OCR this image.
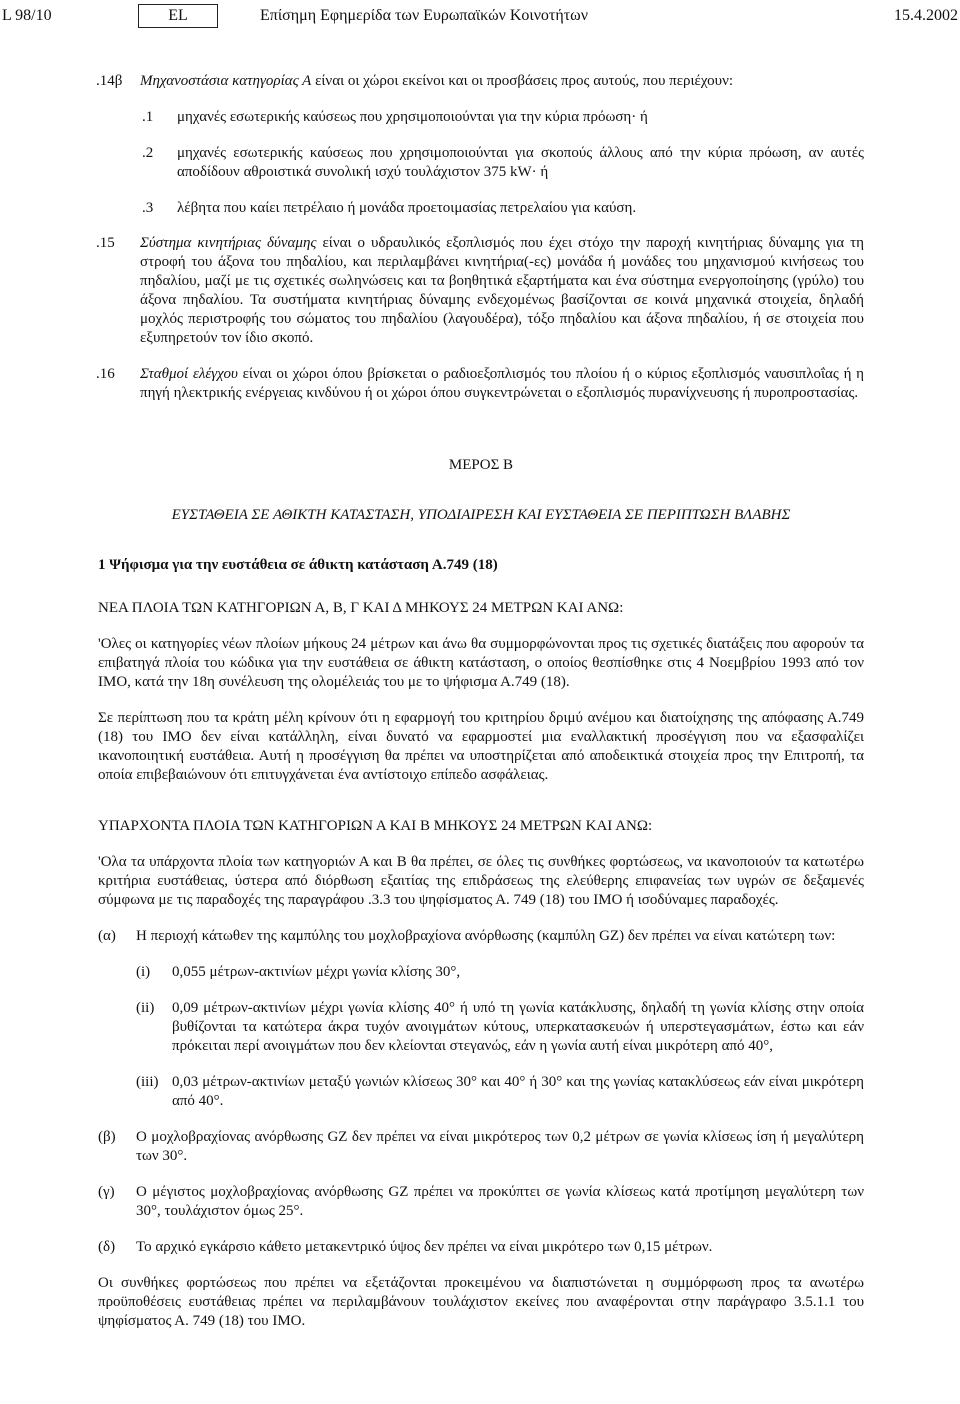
L 98/10	EL	Επίσημη Εφημερίδα των Ευρωπαϊκών Κοινοτήτων	15.4.2002
.14β	Μηχανοστάσια κατηγορίας Α είναι οι χώροι εκείνοι και οι προσβάσεις προς αυτούς, που περιέχουν:

.1 μηχανές εσωτερικής καύσεως που χρησιμοποιούνται για την κύρια πρόωση· ή

.2 μηχανές εσωτερικής καύσεως που χρησιμοποιούνται για σκοπούς άλλους από την κύρια πρόωση, αν αυτές αποδίδουν αθροιστικά συνολική ισχύ τουλάχιστον 375 kW· ή

.3 λέβητα που καίει πετρέλαιο ή μονάδα προετοιμασίας πετρελαίου για καύση.

.15	Σύστημα κινητήριας δύναμης είναι ο υδραυλικός εξοπλισμός που έχει στόχο την παροχή κινητήριας δύναμης για τη στροφή του άξονα του πηδαλίου, και περιλαμβάνει κινητήρια(-ες) μονάδα ή μονάδες του μηχανισμού κινήσεως του πηδαλίου, μαζί με τις σχετικές σωληνώσεις και τα βοηθητικά εξαρτήματα και ένα σύστημα ενεργοποίησης (γρύλο) του άξονα πηδαλίου. Τα συστήματα κινητήριας δύναμης ενδεχομένως βασίζονται σε κοινά μηχανικά στοιχεία, δηλαδή μοχλός περιστροφής του σώματος του πηδαλίου (λαγουδέρα), τόξο πηδαλίου και άξονα πηδαλίου, ή σε στοιχεία που εξυπηρετούν τον ίδιο σκοπό.

.16	Σταθμοί ελέγχου είναι οι χώροι όπου βρίσκεται ο ραδιοεξοπλισμός του πλοίου ή ο κύριος εξοπλισμός ναυσιπλοΐας ή η πηγή ηλεκτρικής ενέργειας κινδύνου ή οι χώροι όπου συγκεντρώνεται ο εξοπλισμός πυρανίχνευσης ή πυροπροστασίας.

ΜΕΡΟΣ Β

ΕΥΣΤΑΘΕΙΑ ΣΕ ΑΘΙΚΤΗ ΚΑΤΑΣΤΑΣΗ, ΥΠΟΔΙΑΙΡΕΣΗ ΚΑΙ ΕΥΣΤΑΘΕΙΑ ΣΕ ΠΕΡΙΠΤΩΣΗ ΒΛΑΒΗΣ

1 Ψήφισμα για την ευστάθεια σε άθικτη κατάσταση Α.749 (18)

ΝΕΑ ΠΛΟΙΑ ΤΩΝ ΚΑΤΗΓΟΡΙΩΝ Α, Β, Γ ΚΑΙ Δ ΜΗΚΟΥΣ 24 ΜΕΤΡΩΝ ΚΑΙ ΑΝΩ:

'Ολες οι κατηγορίες νέων πλοίων μήκους 24 μέτρων και άνω θα συμμορφώνονται προς τις σχετικές διατάξεις που αφορούν τα επιβατηγά πλοία του κώδικα για την ευστάθεια σε άθικτη κατάσταση, ο οποίος θεσπίσθηκε στις 4 Νοεμβρίου 1993 από τον IMO, κατά την 18η συνέλευση της ολομέλειάς του με το ψήφισμα Α.749 (18).

Σε περίπτωση που τα κράτη μέλη κρίνουν ότι η εφαρμογή του κριτηρίου δριμύ ανέμου και διατοίχησης της απόφασης Α.749 (18) του IMO δεν είναι κατάλληλη, είναι δυνατό να εφαρμοστεί μια εναλλακτική προσέγγιση που να εξασφαλίζει ικανοποιητική ευστάθεια. Αυτή η προσέγγιση θα πρέπει να υποστηρίζεται από αποδεικτικά στοιχεία προς την Επιτροπή, τα οποία επιβεβαιώνουν ότι επιτυγχάνεται ένα αντίστοιχο επίπεδο ασφάλειας.

ΥΠΑΡΧΟΝΤΑ ΠΛΟΙΑ ΤΩΝ ΚΑΤΗΓΟΡΙΩΝ Α ΚΑΙ Β ΜΗΚΟΥΣ 24 ΜΕΤΡΩΝ ΚΑΙ ΑΝΩ:

'Ολα τα υπάρχοντα πλοία των κατηγοριών Α και Β θα πρέπει, σε όλες τις συνθήκες φορτώσεως, να ικανοποιούν τα κατωτέρω κριτήρια ευστάθειας, ύστερα από διόρθωση εξαιτίας της επιδράσεως της ελεύθερης επιφανείας των υγρών σε δεξαμενές σύμφωνα με τις παραδοχές της παραγράφου .3.3 του ψηφίσματος Α. 749 (18) του IMO ή ισοδύναμες παραδοχές.

(α) Η περιοχή κάτωθεν της καμπύλης του μοχλοβραχίονα ανόρθωσης (καμπύλη GZ) δεν πρέπει να είναι κατώτερη των:

(i) 0,055 μέτρων-ακτινίων μέχρι γωνία κλίσης 30°,

(ii) 0,09 μέτρων-ακτινίων μέχρι γωνία κλίσης 40° ή υπό τη γωνία κατάκλυσης, δηλαδή τη γωνία κλίσης στην οποία βυθίζονται τα κατώτερα άκρα τυχόν ανοιγμάτων κύτους, υπερκατασκευών ή υπερστεγασμάτων, έστω και εάν πρόκειται περί ανοιγμάτων που δεν κλείονται στεγανώς, εάν η γωνία αυτή είναι μικρότερη από 40°,

(iii) 0,03 μέτρων-ακτινίων μεταξύ γωνιών κλίσεως 30° και 40° ή 30° και της γωνίας κατακλύσεως εάν είναι μικρότερη από 40°.

(β) Ο μοχλοβραχίονας ανόρθωσης GZ δεν πρέπει να είναι μικρότερος των 0,2 μέτρων σε γωνία κλίσεως ίση ή μεγαλύτερη των 30°.

(γ) Ο μέγιστος μοχλοβραχίονας ανόρθωσης GZ πρέπει να προκύπτει σε γωνία κλίσεως κατά προτίμηση μεγαλύτερη των 30°, τουλάχιστον όμως 25°.

(δ) Το αρχικό εγκάρσιο κάθετο μετακεντρικό ύψος δεν πρέπει να είναι μικρότερο των 0,15 μέτρων.

Οι συνθήκες φορτώσεως που πρέπει να εξετάζονται προκειμένου να διαπιστώνεται η συμμόρφωση προς τα ανωτέρω προϋποθέσεις ευστάθειας πρέπει να περιλαμβάνουν τουλάχιστον εκείνες που αναφέρονται στην παράγραφο 3.5.1.1 του ψηφίσματος Α. 749 (18) του IMO.
